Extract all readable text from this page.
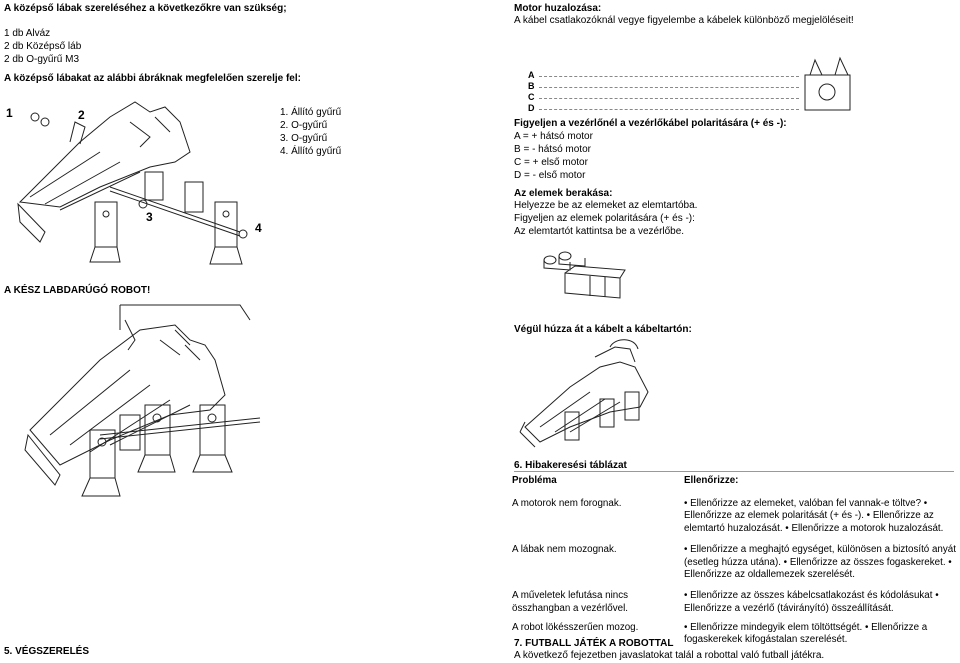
A középső lábak szereléséhez a következőkre van szükség;
1 db Alváz
2 db Középső láb
2 db O-gyűrű M3
A középső lábakat az alábbi ábráknak megfelelően szerelje fel:
1	2
3
4
1. Állító gyűrű
2. O-gyűrű
3. O-gyűrű
4. Állító gyűrű
A KÉSZ LABDARÚGÓ ROBOT!
5. VÉGSZERELÉS
Motor huzalozása:
A kábel csatlakozóknál vegye figyelembe a kábelek különböző megjelöléseit!
A
B
C
D
Figyeljen a vezérlőnél a vezérlőkábel polaritására (+ és -):
A = + hátsó motor
B = - hátsó motor
C = + első motor
D = - első motor
Az elemek berakása:
Helyezze be az elemeket az elemtartóba.
Figyeljen az elemek polaritására (+ és -):
Az elemtartót kattintsa be a vezérlőbe.
Végül húzza át a kábelt a kábeltartón:
6. Hibakeresési táblázat
Probléma	Ellenőrizze:
A motorok nem forognak.	• Ellenőrizze az elemeket, valóban fel vannak-e töltve? • Ellenőrizze az elemek polaritását (+ és -). • Ellenőrizze az elemtartó huzalozását. • Ellenőrizze a motorok huzalozását.
A lábak nem mozognak.	• Ellenőrizze a meghajtó egységet, különösen a biztosító anyát (esetleg húzza utána). • Ellenőrizze az összes fogaskereket. • Ellenőrizze az oldallemezek szerelését.
A műveletek lefutása nincs összhangban a vezérlővel.	• Ellenőrizze az összes kábelcsatlakozást és kódolásukat • Ellenőrizze a vezérlő (távirányító) összeállítását.
A robot lökésszerűen mozog.	• Ellenőrizze mindegyik elem töltöttségét. • Ellenőrizze a fogaskerekek kifogástalan szerelését.
7. FUTBALL JÁTÉK A ROBOTTAL
A következő fejezetben javaslatokat talál a robottal való futball játékra.
